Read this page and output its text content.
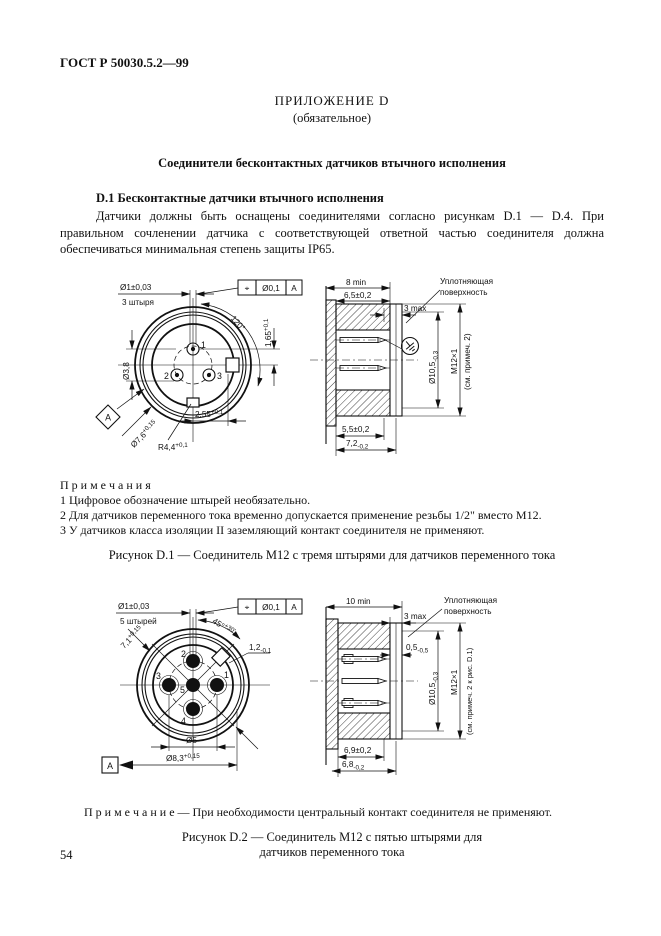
ГОСТ Р 50030.5.2—99
ПРИЛОЖЕНИЕ D
(обязательное)
Соединители бесконтактных датчиков втычного исполнения
D.1 Бесконтактные датчики втычного исполнения
Датчики должны быть оснащены соединителями согласно рисункам D.1 — D.4. При правильном сочленении датчика с соответствующей ответной частью соединителя должна обеспечиваться минимальная степень защиты IP65.
1
2	3
Ø1±0,03
3 штыря
⌖ Ø0,1 A
120°
$1,65^{+0,1}$
Ø3,8
A
$Ø7,6^{+0,15}$
$2,55^{+0,1}$
$R4,4^{+0,1}$
8 min
6,5±0,2
3 max
Уплотняющая
поверхность
$Ø10,5_{-0,3}$ M12×1 (см. примеч. 2)
5,5±0,2
$7,2_{-0,2}$
П р и м е ч а н и я
1 Цифровое обозначение штырей необязательно.
2 Для датчиков переменного тока временно допускается применение резьбы 1/2" вместо М12.
3 У датчиков класса изоляции II заземляющий контакт соединителя не применяют.
Рисунок D.1 — Соединитель М12 с тремя штырями для датчиков переменного тока
2
3	1
4
5
Ø1±0,03
5 штырей
⌖ Ø0,1 A
45°$^{+30'}$
$7,1^{+0,15}$
$1,2_{-0,1}$
Ø5
A
$Ø8,3^{+0,15}$
10 min
3 max
Уплотняющая
поверхность
$0,5_{-0,5}$
$Ø10,5_{-0,3}$ M12×1 (см. примеч. 2 к рис. D.1)
6,9±0,2
$6,8_{-0,2}$
П р и м е ч а н и е — При необходимости центральный контакт соединителя не применяют.
Рисунок D.2 — Соединитель М12 с пятью штырями для датчиков переменного тока
54
